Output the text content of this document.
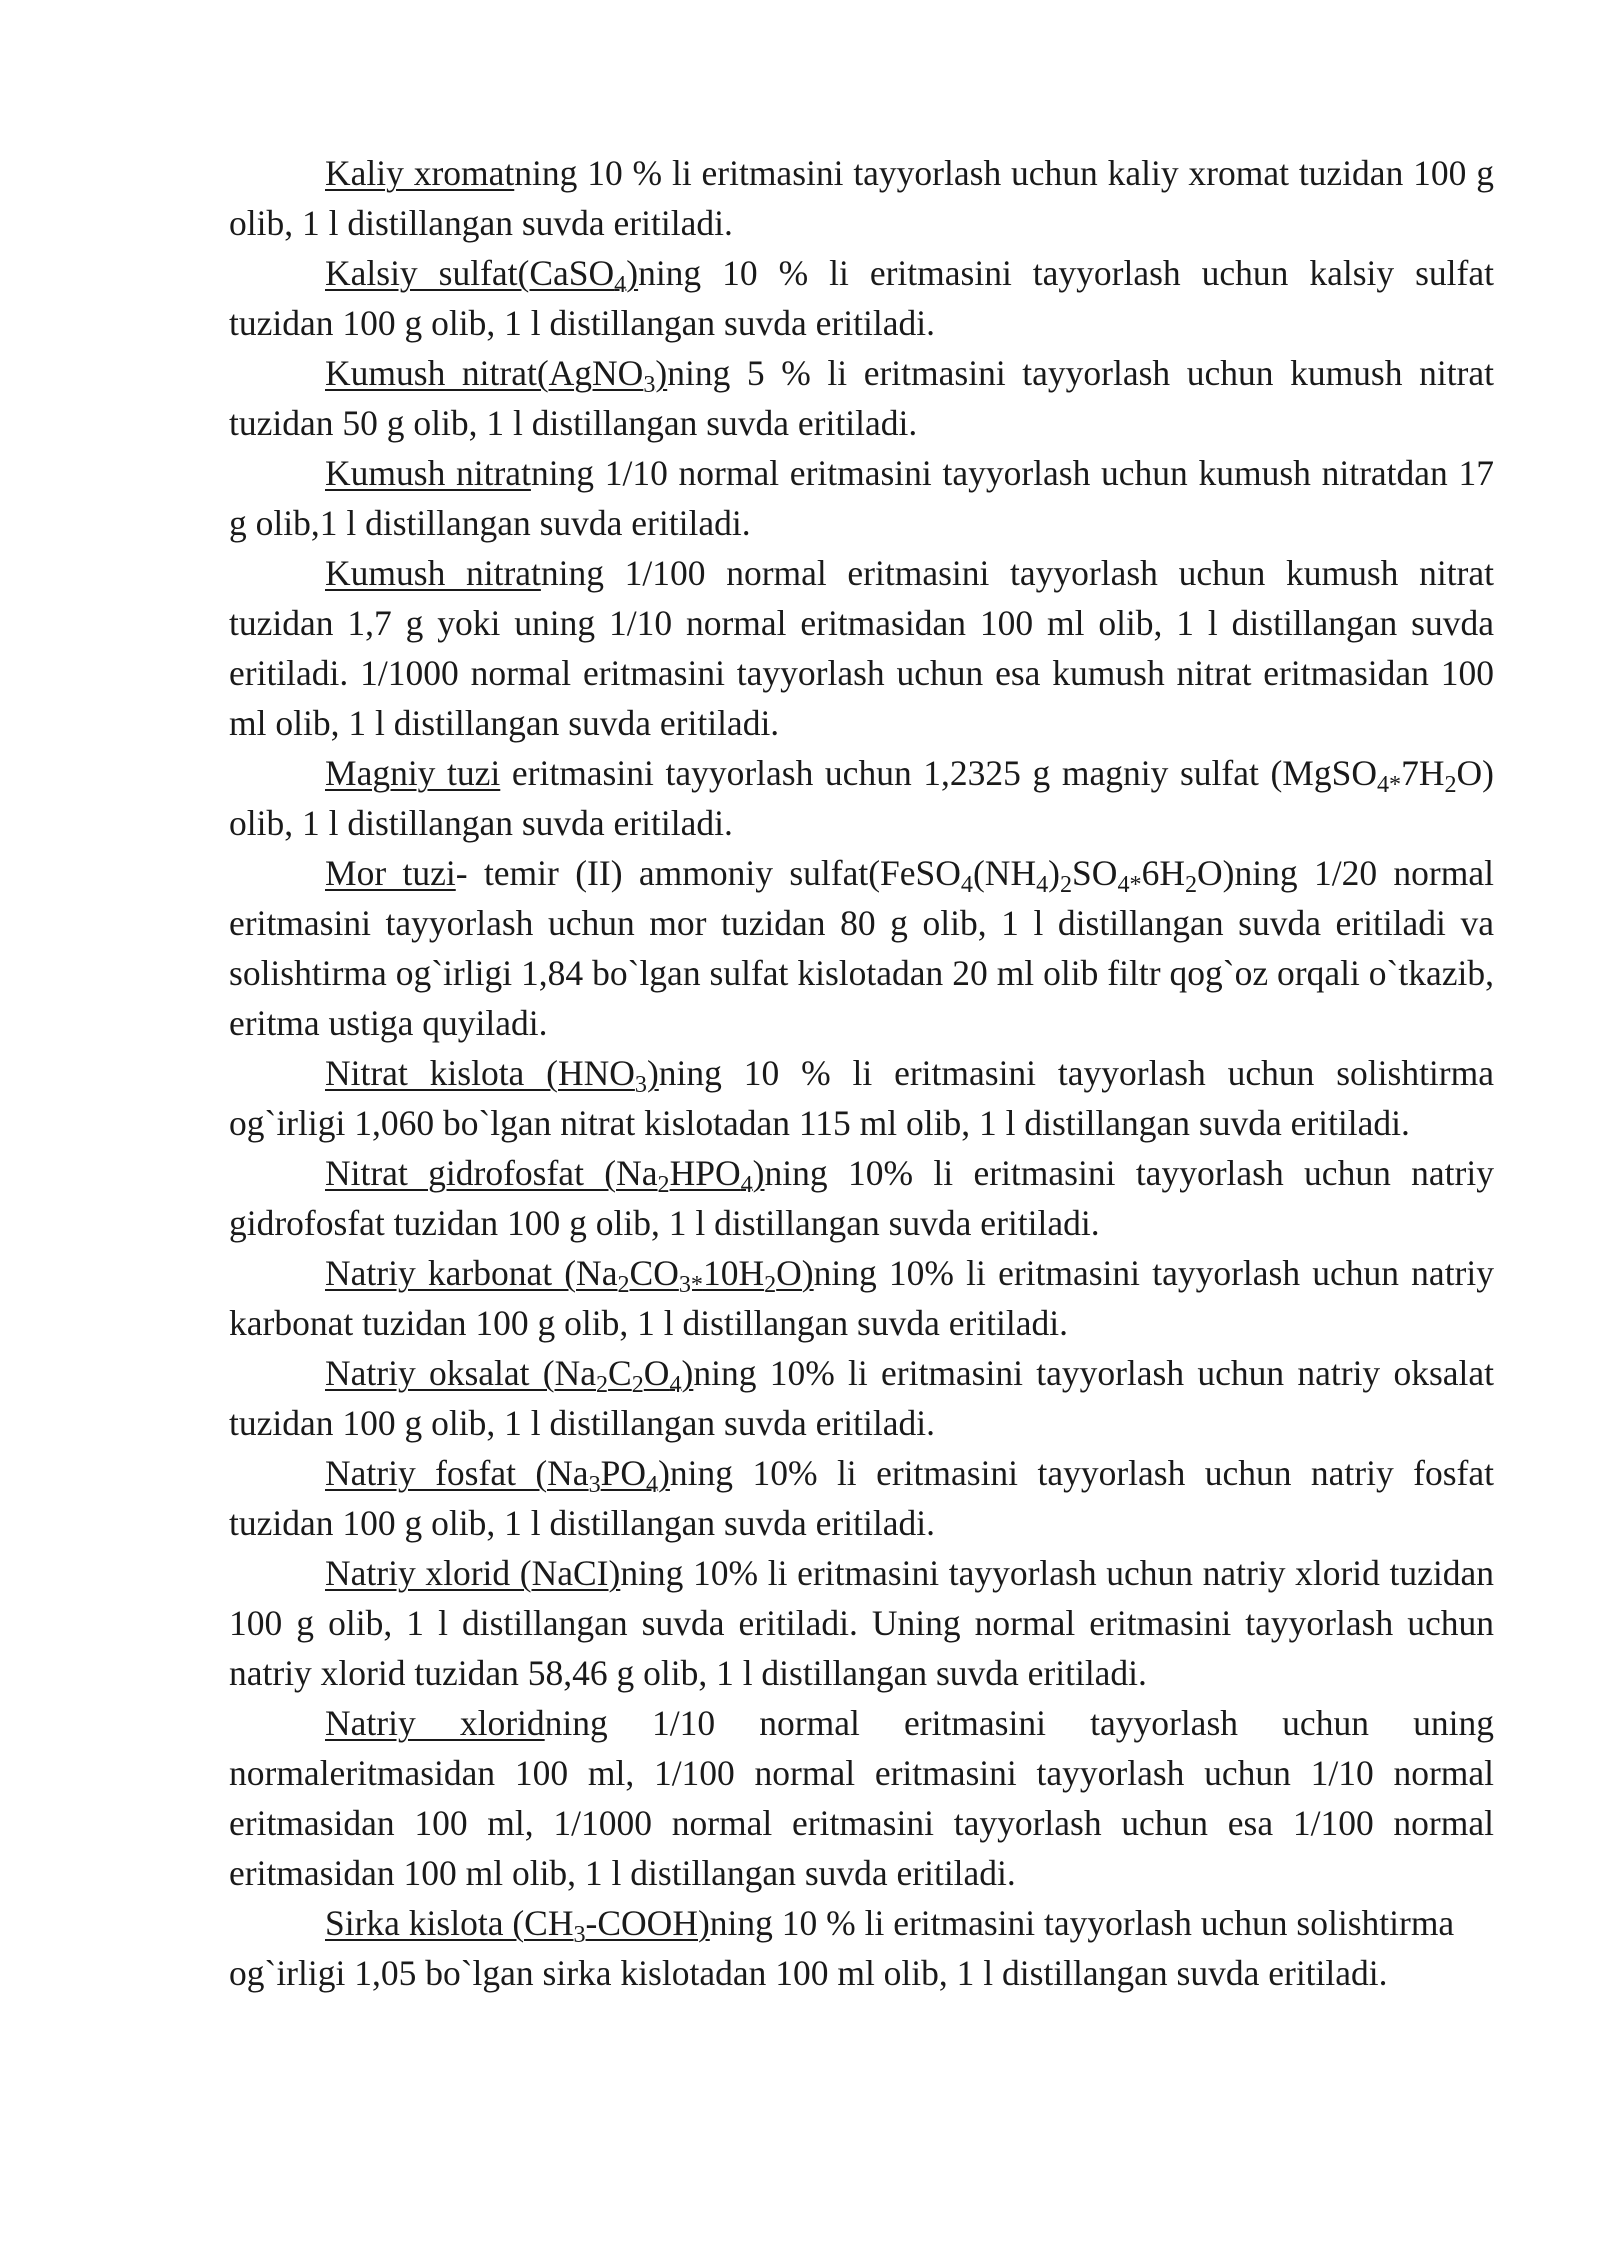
Kaliy xromatning 10 % li eritmasini tayyorlash uchun kaliy xromat tuzidan 100 g olib, 1 l distillangan suvda eritiladi.

Kalsiy sulfat(CaSO$_4$)ning 10 % li eritmasini tayyorlash uchun kalsiy sulfat tuzidan 100 g olib, 1 l distillangan suvda eritiladi.

Kumush nitrat(AgNO$_3$)ning 5 % li eritmasini tayyorlash uchun kumush nitrat tuzidan 50 g olib, 1 l distillangan suvda eritiladi.

Kumush nitratning 1/10 normal eritmasini tayyorlash uchun kumush nitratdan 17 g olib,1 l distillangan suvda eritiladi.

Kumush nitratning 1/100 normal eritmasini tayyorlash uchun kumush nitrat tuzidan 1,7 g yoki uning 1/10 normal eritmasidan 100 ml olib, 1 l distillangan suvda eritiladi. 1/1000 normal eritmasini tayyorlash uchun esa kumush nitrat eritmasidan 100 ml olib, 1 l distillangan suvda eritiladi.

Magniy tuzi eritmasini tayyorlash uchun 1,2325 g magniy sulfat $(MgSO_{4*}7H_2O)$ olib, 1 l distillangan suvda eritiladi.

Mor tuzi- temir (II) ammoniy $sulfat(FeSO_4(NH_4)_2SO_{4*}6H_2O)ning$ 1/20 normal eritmasini tayyorlash uchun mor tuzidan 80 g olib, 1 l distillangan suvda eritiladi va solishtirma og`irligi 1,84 bo`lgan sulfat kislotadan 20 ml olib filtr qog`oz orqali o`tkazib, eritma ustiga quyiladi.

Nitrat kislota $(HNO_3)ning$ 10 % li eritmasini tayyorlash uchun solishtirma og`irligi 1,060 bo`lgan nitrat kislotadan 115 ml olib, 1 l distillangan suvda eritiladi.

Nitrat gidrofosfat $(Na_2HPO_4)ning$ 10% li eritmasini tayyorlash uchun natriy gidrofosfat tuzidan 100 g olib, 1 l distillangan suvda eritiladi.

Natriy karbonat $(Na_2CO_{3*}10H_2O)ning$ 10% li eritmasini tayyorlash uchun natriy karbonat tuzidan 100 g olib, 1 l distillangan suvda eritiladi.

Natriy oksalat $(Na_2C_2O_4)ning$ 10% li eritmasini tayyorlash uchun natriy oksalat tuzidan 100 g olib, 1 l distillangan suvda eritiladi.

Natriy fosfat $(Na_3PO_4)ning$ 10% li eritmasini tayyorlash uchun natriy fosfat tuzidan 100 g olib, 1 l distillangan suvda eritiladi.

Natriy xlorid (NaCI)ning 10% li eritmasini tayyorlash uchun natriy xlorid tuzidan 100 g olib, 1 l distillangan suvda eritiladi. Uning normal eritmasini tayyorlash uchun natriy xlorid tuzidan 58,46 g olib, 1 l distillangan suvda eritiladi.

Natriy xloridning 1/10 normal eritmasini tayyorlash uchun uning normaleritmasidan 100 ml, 1/100 normal eritmasini tayyorlash uchun 1/10 normal eritmasidan 100 ml, 1/1000 normal eritmasini tayyorlash uchun esa 1/100 normal eritmasidan 100 ml olib, 1 l distillangan suvda eritiladi.

Sirka kislota $(CH_3-COOH)ning$ 10 % li eritmasini tayyorlash uchun solishtirma og`irligi 1,05 bo`lgan sirka kislotadan 100 ml olib, 1 l distillangan suvda eritiladi.
